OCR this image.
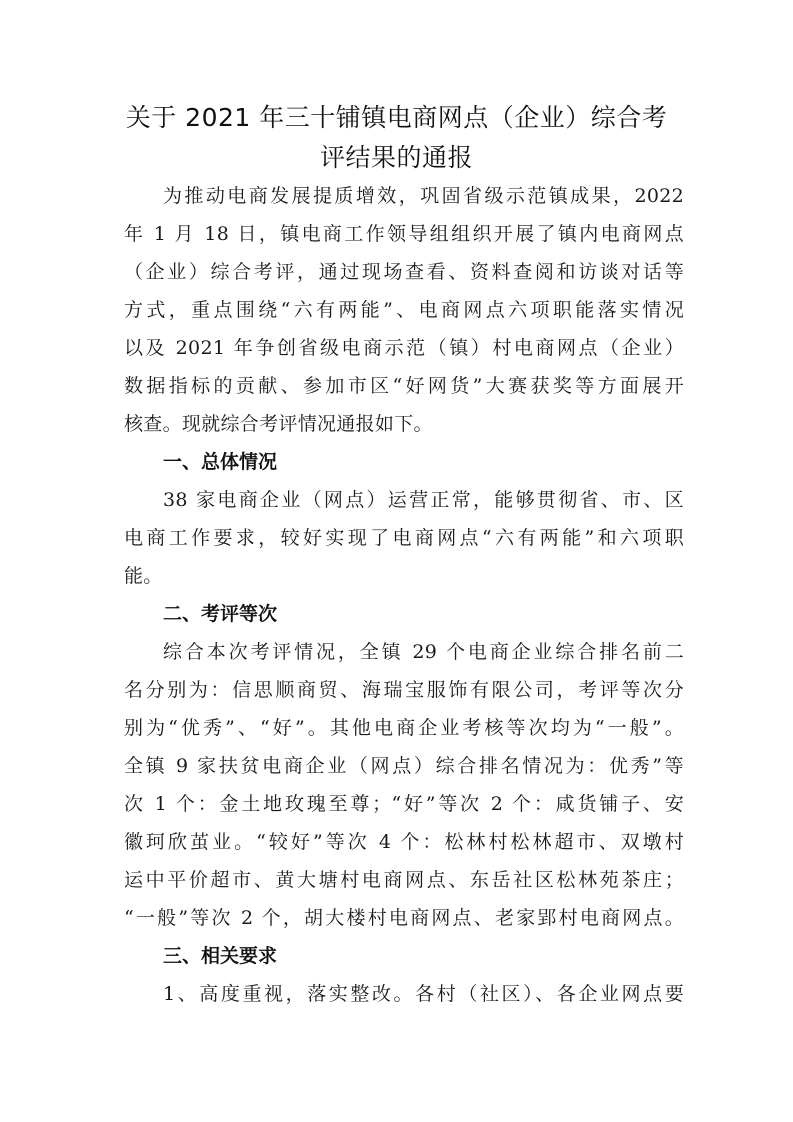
关于 2021 年三十铺镇电商网点（企业）综合考
评结果的通报
为推动电商发展提质增效，巩固省级示范镇成果，2022
年 1 月 18 日，镇电商工作领导组组织开展了镇内电商网点
（企业）综合考评，通过现场查看、资料查阅和访谈对话等
方式，重点围绕“六有两能”、电商网点六项职能落实情况
以及 2021 年争创省级电商示范（镇）村电商网点（企业）
数据指标的贡献、参加市区“好网货”大赛获奖等方面展开
核查。现就综合考评情况通报如下。
一、总体情况
38 家电商企业（网点）运营正常，能够贯彻省、市、区
电商工作要求，较好实现了电商网点“六有两能”和六项职
能。
二、考评等次
综合本次考评情况，全镇 29 个电商企业综合排名前二
名分别为：信思顺商贸、海瑞宝服饰有限公司，考评等次分
别为“优秀”、“好”。其他电商企业考核等次均为“一般”。
全镇 9 家扶贫电商企业（网点）综合排名情况为：优秀”等
次 1 个：金土地玫瑰至尊；“好”等次 2 个：咸货铺子、安
徽珂欣茧业。“较好”等次 4 个：松林村松林超市、双墩村
运中平价超市、黄大塘村电商网点、东岳社区松林苑茶庄；
“一般”等次 2 个，胡大楼村电商网点、老家郢村电商网点。
三、相关要求
1、高度重视，落实整改。各村（社区）、各企业网点要
